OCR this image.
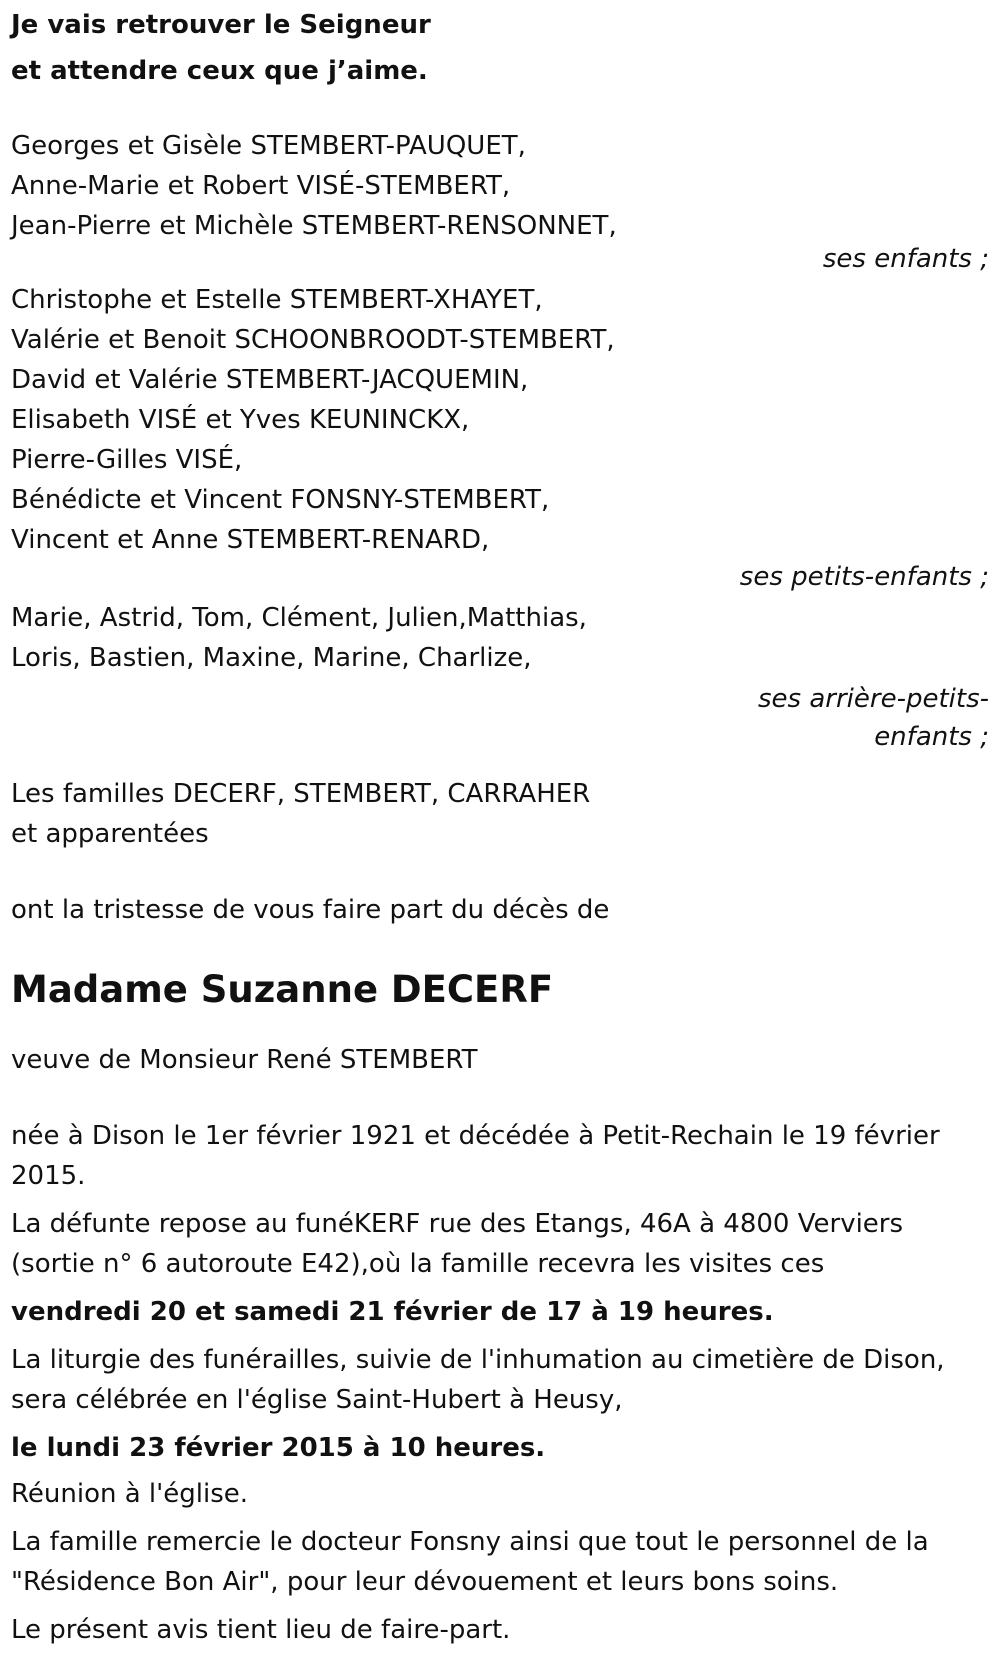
Je vais retrouver le Seigneur
et attendre ceux que j’aime.
Georges et Gisèle STEMBERT-PAUQUET,
Anne-Marie et Robert VISÉ-STEMBERT,
Jean-Pierre et Michèle STEMBERT-RENSONNET,
ses enfants ;
Christophe et Estelle STEMBERT-XHAYET,
Valérie et Benoit SCHOONBROODT-STEMBERT,
David et Valérie STEMBERT-JACQUEMIN,
Elisabeth VISÉ et Yves KEUNINCKX,
Pierre-Gilles VISÉ,
Bénédicte et Vincent FONSNY-STEMBERT,
Vincent et Anne STEMBERT-RENARD,
ses petits-enfants ;
Marie, Astrid, Tom, Clément, Julien,Matthias,
Loris, Bastien, Maxine, Marine, Charlize,
ses arrière-petits-
enfants ;
Les familles DECERF, STEMBERT, CARRAHER
et apparentées
ont la tristesse de vous faire part du décès de
Madame Suzanne DECERF
veuve de Monsieur René STEMBERT
née à Dison le 1er février 1921 et décédée à Petit-Rechain le 19 février
2015.
La défunte repose au funéKERF rue des Etangs, 46A à 4800 Verviers
(sortie n° 6 autoroute E42),où la famille recevra les visites ces
vendredi 20 et samedi 21 février de 17 à 19 heures.
La liturgie des funérailles, suivie de l'inhumation au cimetière de Dison,
sera célébrée en l'église Saint-Hubert à Heusy,
le lundi 23 février 2015 à 10 heures.
Réunion à l'église.
La famille remercie le docteur Fonsny ainsi que tout le personnel de la
"Résidence Bon Air", pour leur dévouement et leurs bons soins.
Le présent avis tient lieu de faire-part.
